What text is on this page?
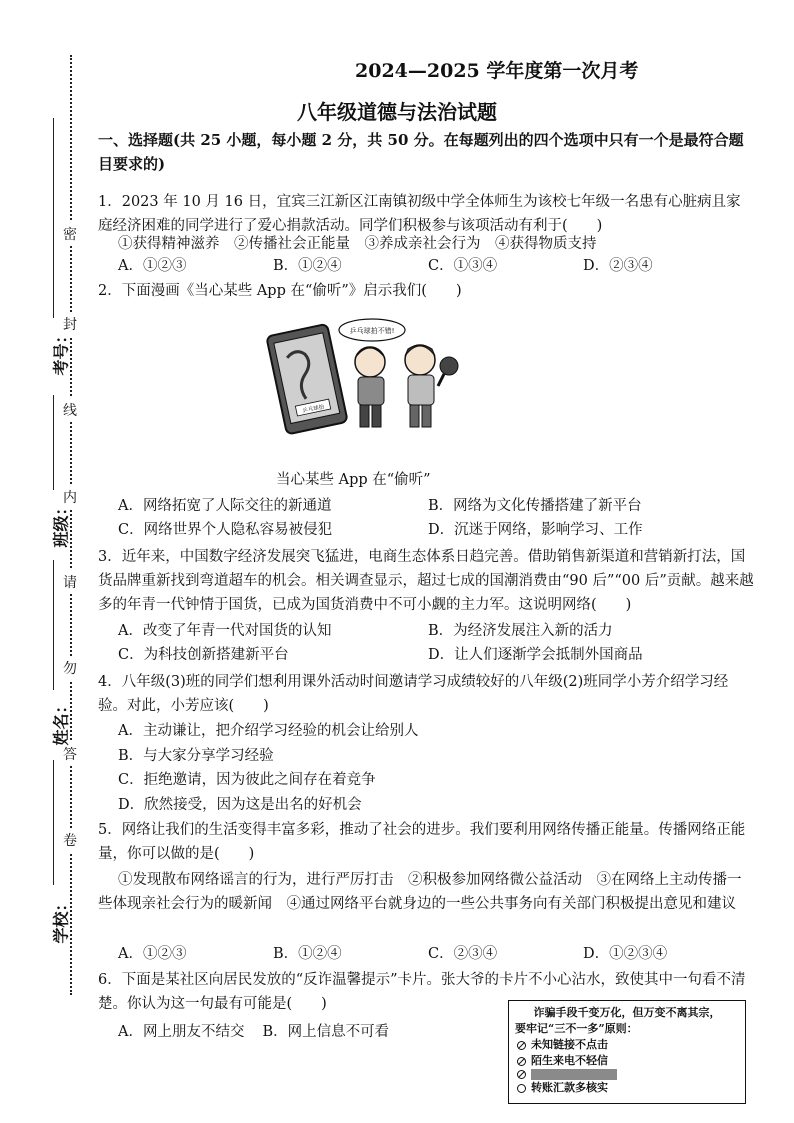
密
封
线
内
请
勿
答
卷
考号：
班级：
姓名：
学校：
2024—2025 学年度第一次月考
八年级道德与法治试题
一、选择题(共 25 小题，每小题 2 分，共 50 分。在每题列出的四个选项中只有一个是最符合题目要求的)
1．2023 年 10 月 16 日，宜宾三江新区江南镇初级中学全体师生为该校七年级一名患有心脏病且家庭经济困难的同学进行了爱心捐款活动。同学们积极参与该项活动有利于(　　)
①获得精神滋养　②传播社会正能量　③养成亲社会行为　④获得物质支持
A．①②③	B．①②④	C．①③④	D．②③④
2．下面漫画《当心某些 App 在“偷听”》启示我们(　　)
乒乓球拍
乒乓球拍不错!
当心某些 App 在“偷听”
A．网络拓宽了人际交往的新通道	B．网络为文化传播搭建了新平台
C．网络世界个人隐私容易被侵犯	D．沉迷于网络，影响学习、工作
3．近年来，中国数字经济发展突飞猛进，电商生态体系日趋完善。借助销售新渠道和营销新打法，国货品牌重新找到弯道超车的机会。相关调查显示，超过七成的国潮消费由“90 后”“00 后”贡献。越来越多的年青一代钟情于国货，已成为国货消费中不可小觑的主力军。这说明网络(　　)
A．改变了年青一代对国货的认知	B．为经济发展注入新的活力
C．为科技创新搭建新平台	D．让人们逐渐学会抵制外国商品
4．八年级(3)班的同学们想利用课外活动时间邀请学习成绩较好的八年级(2)班同学小芳介绍学习经验。对此，小芳应该(　　)
A．主动谦让，把介绍学习经验的机会让给别人
B．与大家分享学习经验
C．拒绝邀请，因为彼此之间存在着竞争
D．欣然接受，因为这是出名的好机会
5．网络让我们的生活变得丰富多彩，推动了社会的进步。我们要利用网络传播正能量。传播网络正能量，你可以做的是(　　)
①发现散布网络谣言的行为，进行严厉打击　②积极参加网络微公益活动　③在网络上主动传播一些体现亲社会行为的暖新闻　④通过网络平台就身边的一些公共事务向有关部门积极提出意见和建议
A．①②③	B．①②④	C．②③④	D．①②③④
6．下面是某社区向居民发放的“反诈温馨提示”卡片。张大爷的卡片不小心沾水，致使其中一句看不清楚。你认为这一句最有可能是(　　)
A．网上朋友不结交 B．网上信息不可看
诈骗手段千变万化，但万变不离其宗，
要牢记“三不一多”原则：
未知链接不点击
陌生来电不轻信
转账汇款多核实
